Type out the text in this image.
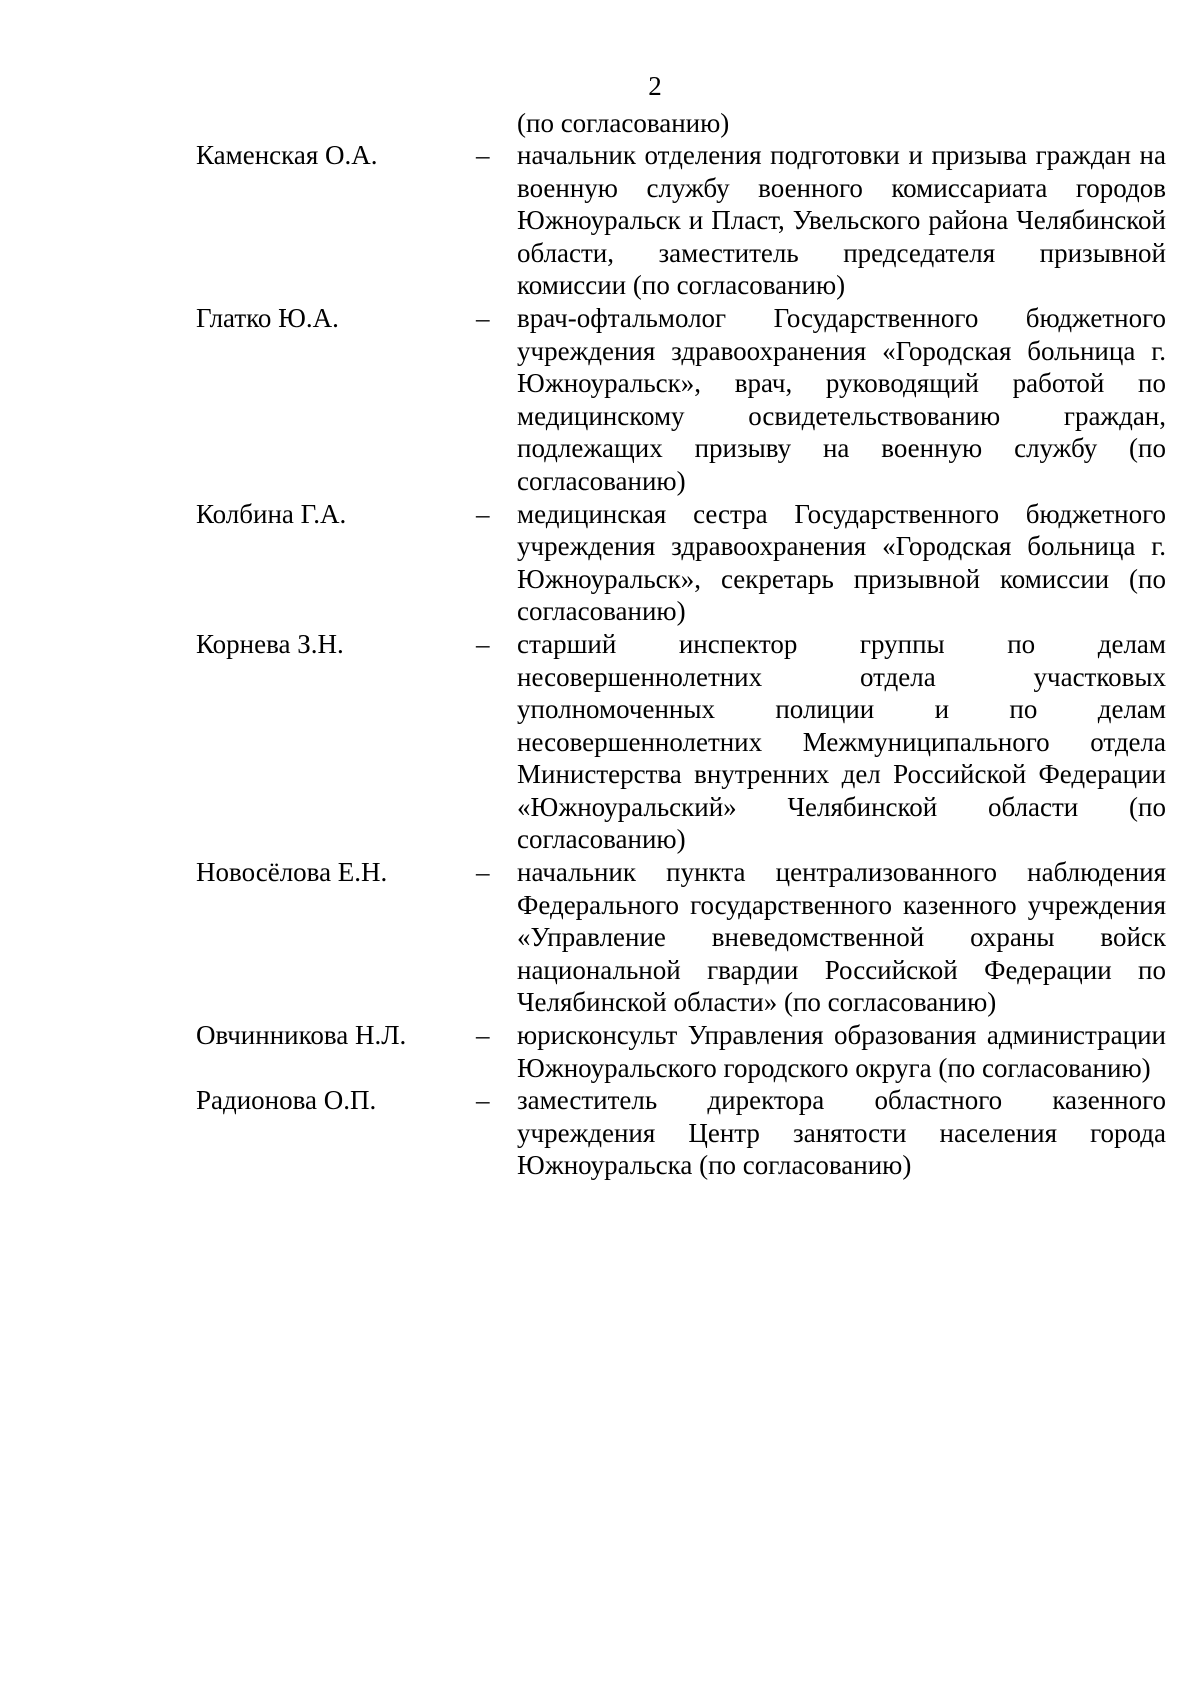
2
(по согласованию)
Каменская О.А.	–	начальник отделения подготовки и призыва граждан на военную службу военного комиссариата городов Южноуральск и Пласт, Увельского района Челябинской области, заместитель председателя призывной комиссии (по согласованию)
Глатко Ю.А.	–	врач-офтальмолог Государственного бюджетного учреждения здравоохранения «Городская больница г. Южноуральск», врач, руководящий работой по медицинскому освидетельствованию граждан, подлежащих призыву на военную службу (по согласованию)
Колбина Г.А.	–	медицинская сестра Государственного бюджетного учреждения здравоохранения «Городская больница г. Южноуральск», секретарь призывной комиссии (по согласованию)
Корнева З.Н.	–	старший инспектор группы по делам несовершеннолетних отдела участковых уполномоченных полиции и по делам несовершеннолетних Межмуниципального отдела Министерства внутренних дел Российской Федерации «Южноуральский» Челябинской области (по согласованию)
Новосёлова Е.Н.	–	начальник пункта централизованного наблюдения Федерального государственного казенного учреждения «Управление вневедомственной охраны войск национальной гвардии Российской Федерации по Челябинской области» (по согласованию)
Овчинникова Н.Л.	–	юрисконсульт Управления образования администрации Южноуральского городского округа (по согласованию)
Радионова О.П.	–	заместитель директора областного казенного учреждения Центр занятости населения города Южноуральска (по согласованию)
